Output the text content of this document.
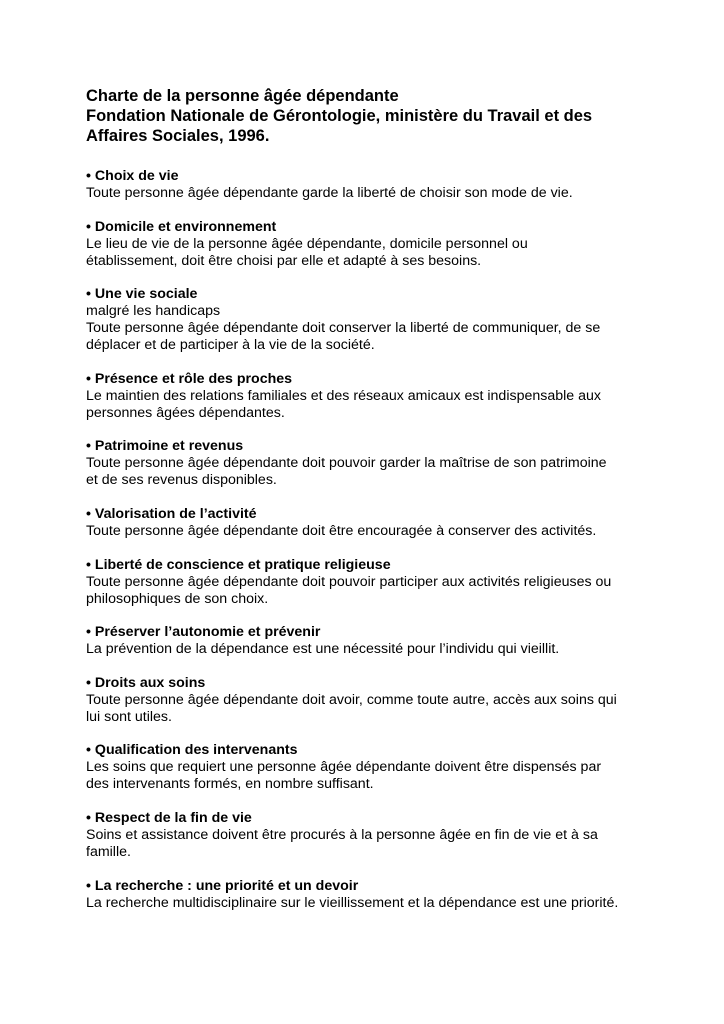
Charte de la personne âgée dépendante
Fondation Nationale de Gérontologie, ministère du Travail et des
Affaires Sociales, 1996.

• Choix de vie

Toute personne âgée dépendante garde la liberté de choisir son mode de vie.

• Domicile et environnement

Le lieu de vie de la personne âgée dépendante, domicile personnel ou
établissement, doit être choisi par elle et adapté à ses besoins.

• Une vie sociale

malgré les handicaps
Toute personne âgée dépendante doit conserver la liberté de communiquer, de se
déplacer et de participer à la vie de la société.

• Présence et rôle des proches

Le maintien des relations familiales et des réseaux amicaux est indispensable aux
personnes âgées dépendantes.

• Patrimoine et revenus

Toute personne âgée dépendante doit pouvoir garder la maîtrise de son patrimoine
et de ses revenus disponibles.

• Valorisation de l’activité

Toute personne âgée dépendante doit être encouragée à conserver des activités.

• Liberté de conscience et pratique religieuse

Toute personne âgée dépendante doit pouvoir participer aux activités religieuses ou
philosophiques de son choix.

• Préserver l’autonomie et prévenir

La prévention de la dépendance est une nécessité pour l’individu qui vieillit.

• Droits aux soins

Toute personne âgée dépendante doit avoir, comme toute autre, accès aux soins qui
lui sont utiles.

• Qualification des intervenants

Les soins que requiert une personne âgée dépendante doivent être dispensés par
des intervenants formés, en nombre suffisant.

• Respect de la fin de vie

Soins et assistance doivent être procurés à la personne âgée en fin de vie et à sa
famille.

• La recherche : une priorité et un devoir

La recherche multidisciplinaire sur le vieillissement et la dépendance est une priorité.
